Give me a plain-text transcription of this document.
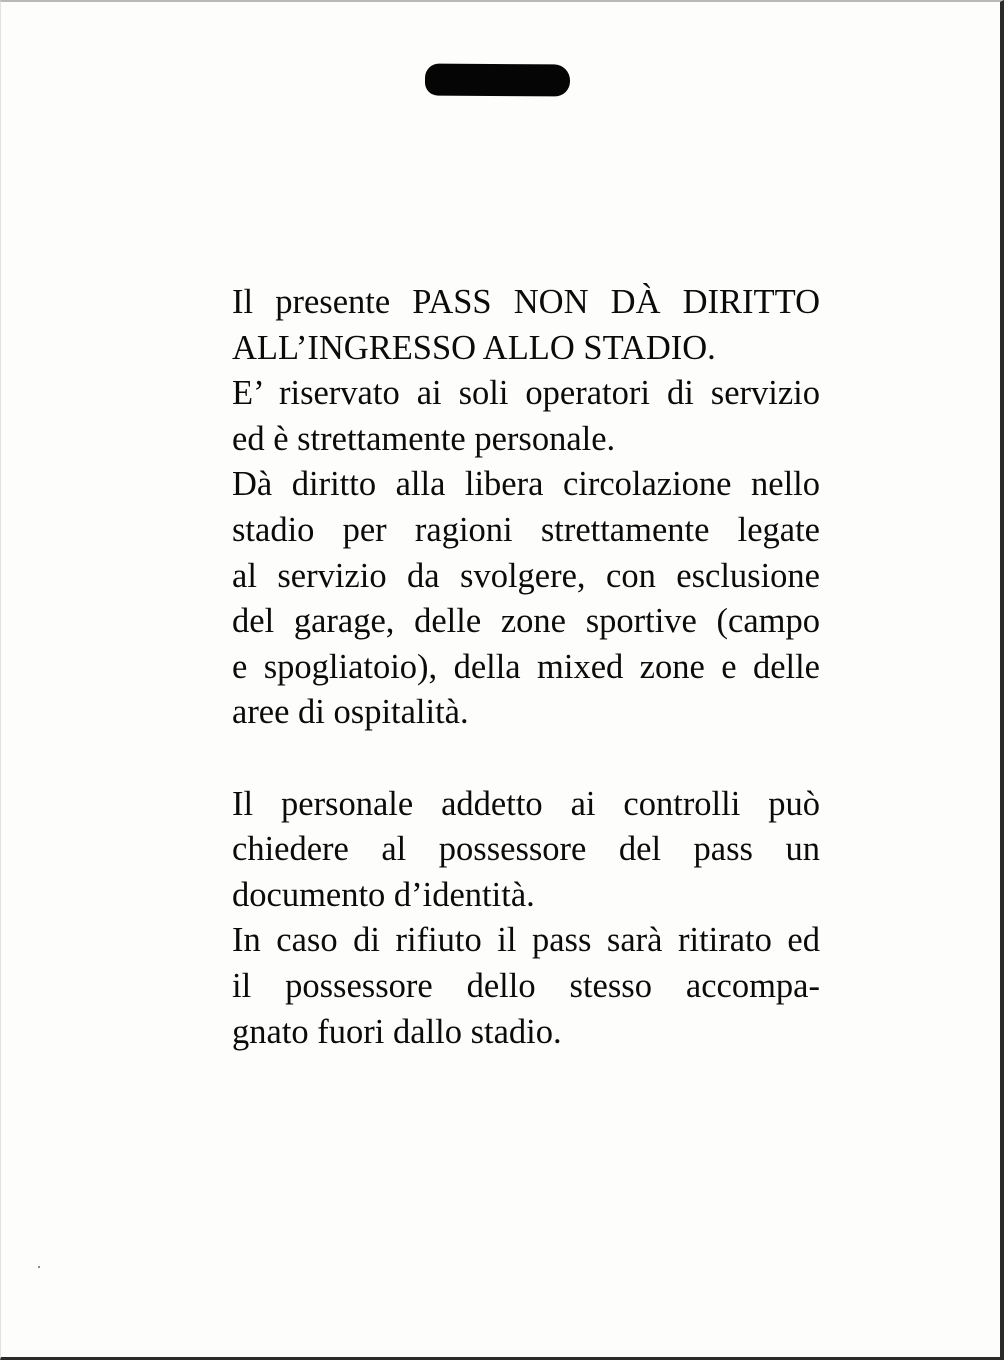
Il presente PASS NON DÀ DIRITTO
ALL’INGRESSO ALLO STADIO.
E’ riservato ai soli operatori di servizio
ed è strettamente personale.
Dà diritto alla libera circolazione nello
stadio per ragioni strettamente legate
al servizio da svolgere, con esclusione
del garage, delle zone sportive (campo
e spogliatoio), della mixed zone e delle
aree di ospitalità.
Il personale addetto ai controlli può
chiedere al possessore del pass un
documento d’identità.
In caso di rifiuto il pass sarà ritirato ed
il possessore dello stesso accompa-
gnato fuori dallo stadio.
